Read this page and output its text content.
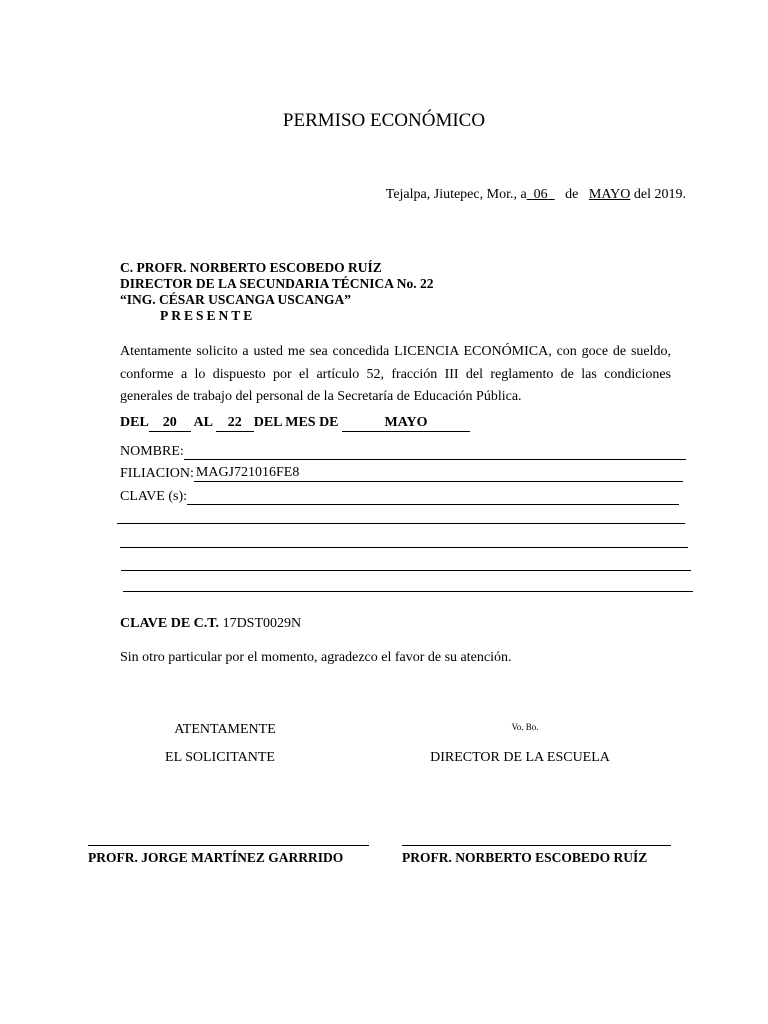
PERMISO ECONÓMICO
Tejalpa, Jiutepec, Mor., a 06 de MAYO del 2019.
C. PROFR. NORBERTO ESCOBEDO RUÍZ
DIRECTOR DE LA SECUNDARIA TÉCNICA No. 22
“ING. CÉSAR USCANGA USCANGA”
PRESENTE
Atentamente solicito a usted me sea concedida LICENCIA ECONÓMICA, con goce de sueldo, conforme a lo dispuesto por el artículo 52, fracción III del reglamento de las condiciones generales de trabajo del personal de la Secretaría de Educación Pública.
DEL 20 AL 22 DEL MES DE	MAYO
NOMBRE:
FILIACION: MAGJ721016FE8
CLAVE (s):
CLAVE DE C.T. 17DST0029N
Sin otro particular por el momento, agradezco el favor de su atención.
ATENTAMENTE
EL SOLICITANTE
Vo. Bo.
DIRECTOR DE LA ESCUELA
PROFR. JORGE MARTÍNEZ GARRRIDO	PROFR. NORBERTO ESCOBEDO RUÍZ
